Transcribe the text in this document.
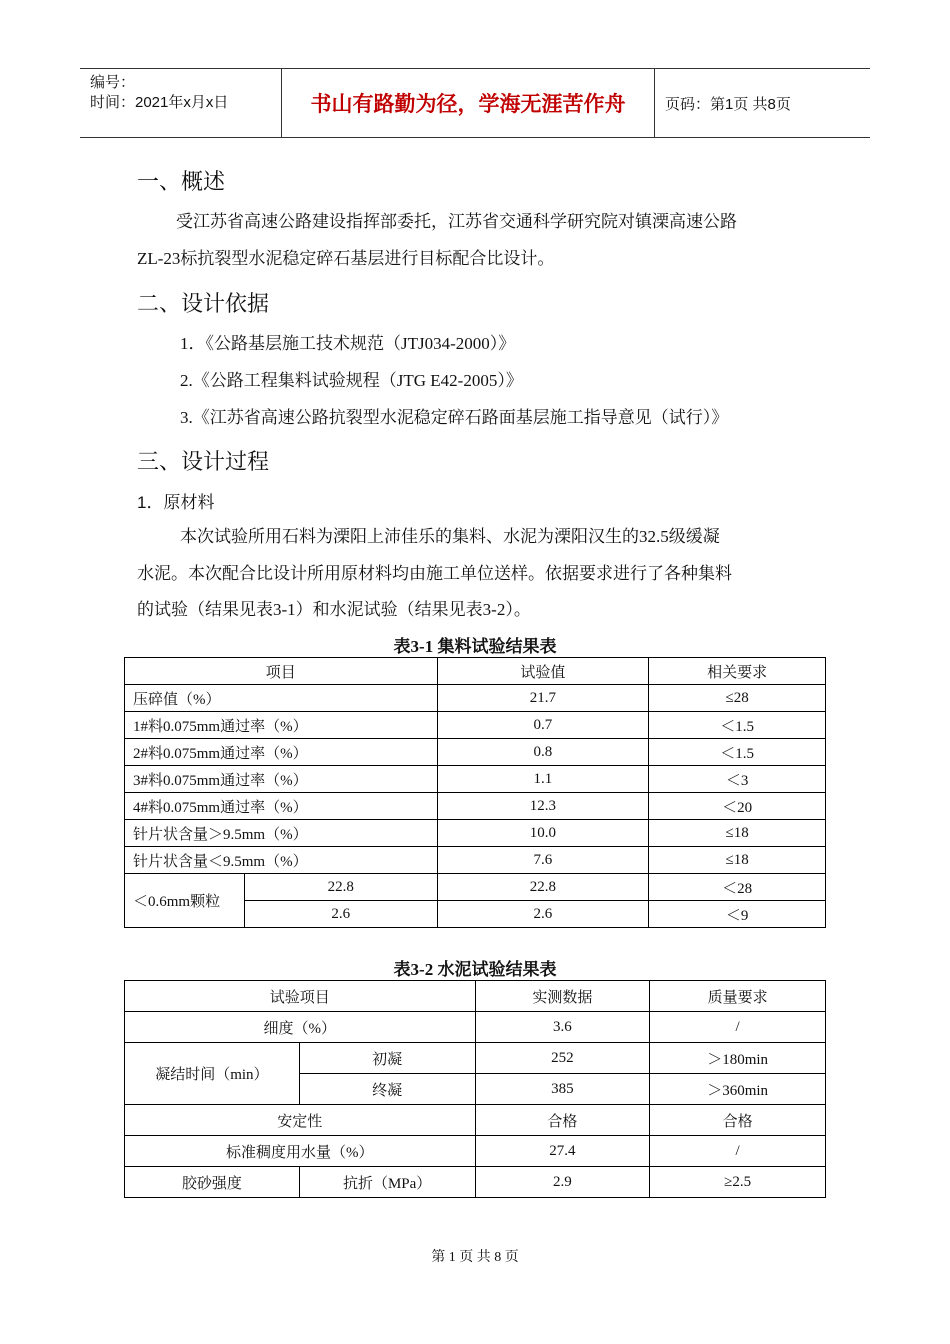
编号：
时间：2021年x月x日	书山有路勤为径，学海无涯苦作舟	页码：第1页 共8页
一、概述

受江苏省高速公路建设指挥部委托，江苏省交通科学研究院对镇溧高速公路

ZL-23标抗裂型水泥稳定碎石基层进行目标配合比设计。

二、设计依据

1．《公路基层施工技术规范（JTJ034-2000）》

2.《公路工程集料试验规程（JTG E42-2005）》

3.《江苏省高速公路抗裂型水泥稳定碎石路面基层施工指导意见（试行）》

三、设计过程

1．原材料

本次试验所用石料为溧阳上沛佳乐的集料、水泥为溧阳汉生的32.5级缓凝

水泥。本次配合比设计所用原材料均由施工单位送样。依据要求进行了各种集料

的试验（结果见表3-1）和水泥试验（结果见表3-2）。

表3-1 集料试验结果表
项目		试验值	相关要求
压碎值（%）		21.7	≤28
1#料0.075mm通过率（%）		0.7	＜1.5
2#料0.075mm通过率（%）		0.8	＜1.5
3#料0.075mm通过率（%）		1.1	＜3
4#料0.075mm通过率（%）		12.3	＜20
针片状含量＞9.5mm（%）		10.0	≤18
针片状含量＜9.5mm（%）		7.6	≤18
＜0.6mm颗粒	22.8	22.8	＜28
	2.6	2.6	＜9
表3-2 水泥试验结果表
试验项目		实测数据	质量要求
细度（%）		3.6	/
凝结时间（min）	初凝	252	＞180min
	终凝	385	＞360min
安定性		合格	合格
标准稠度用水量（%）		27.4	/
胶砂强度	抗折（MPa）	2.9	≥2.5
第 1 页 共 8 页
